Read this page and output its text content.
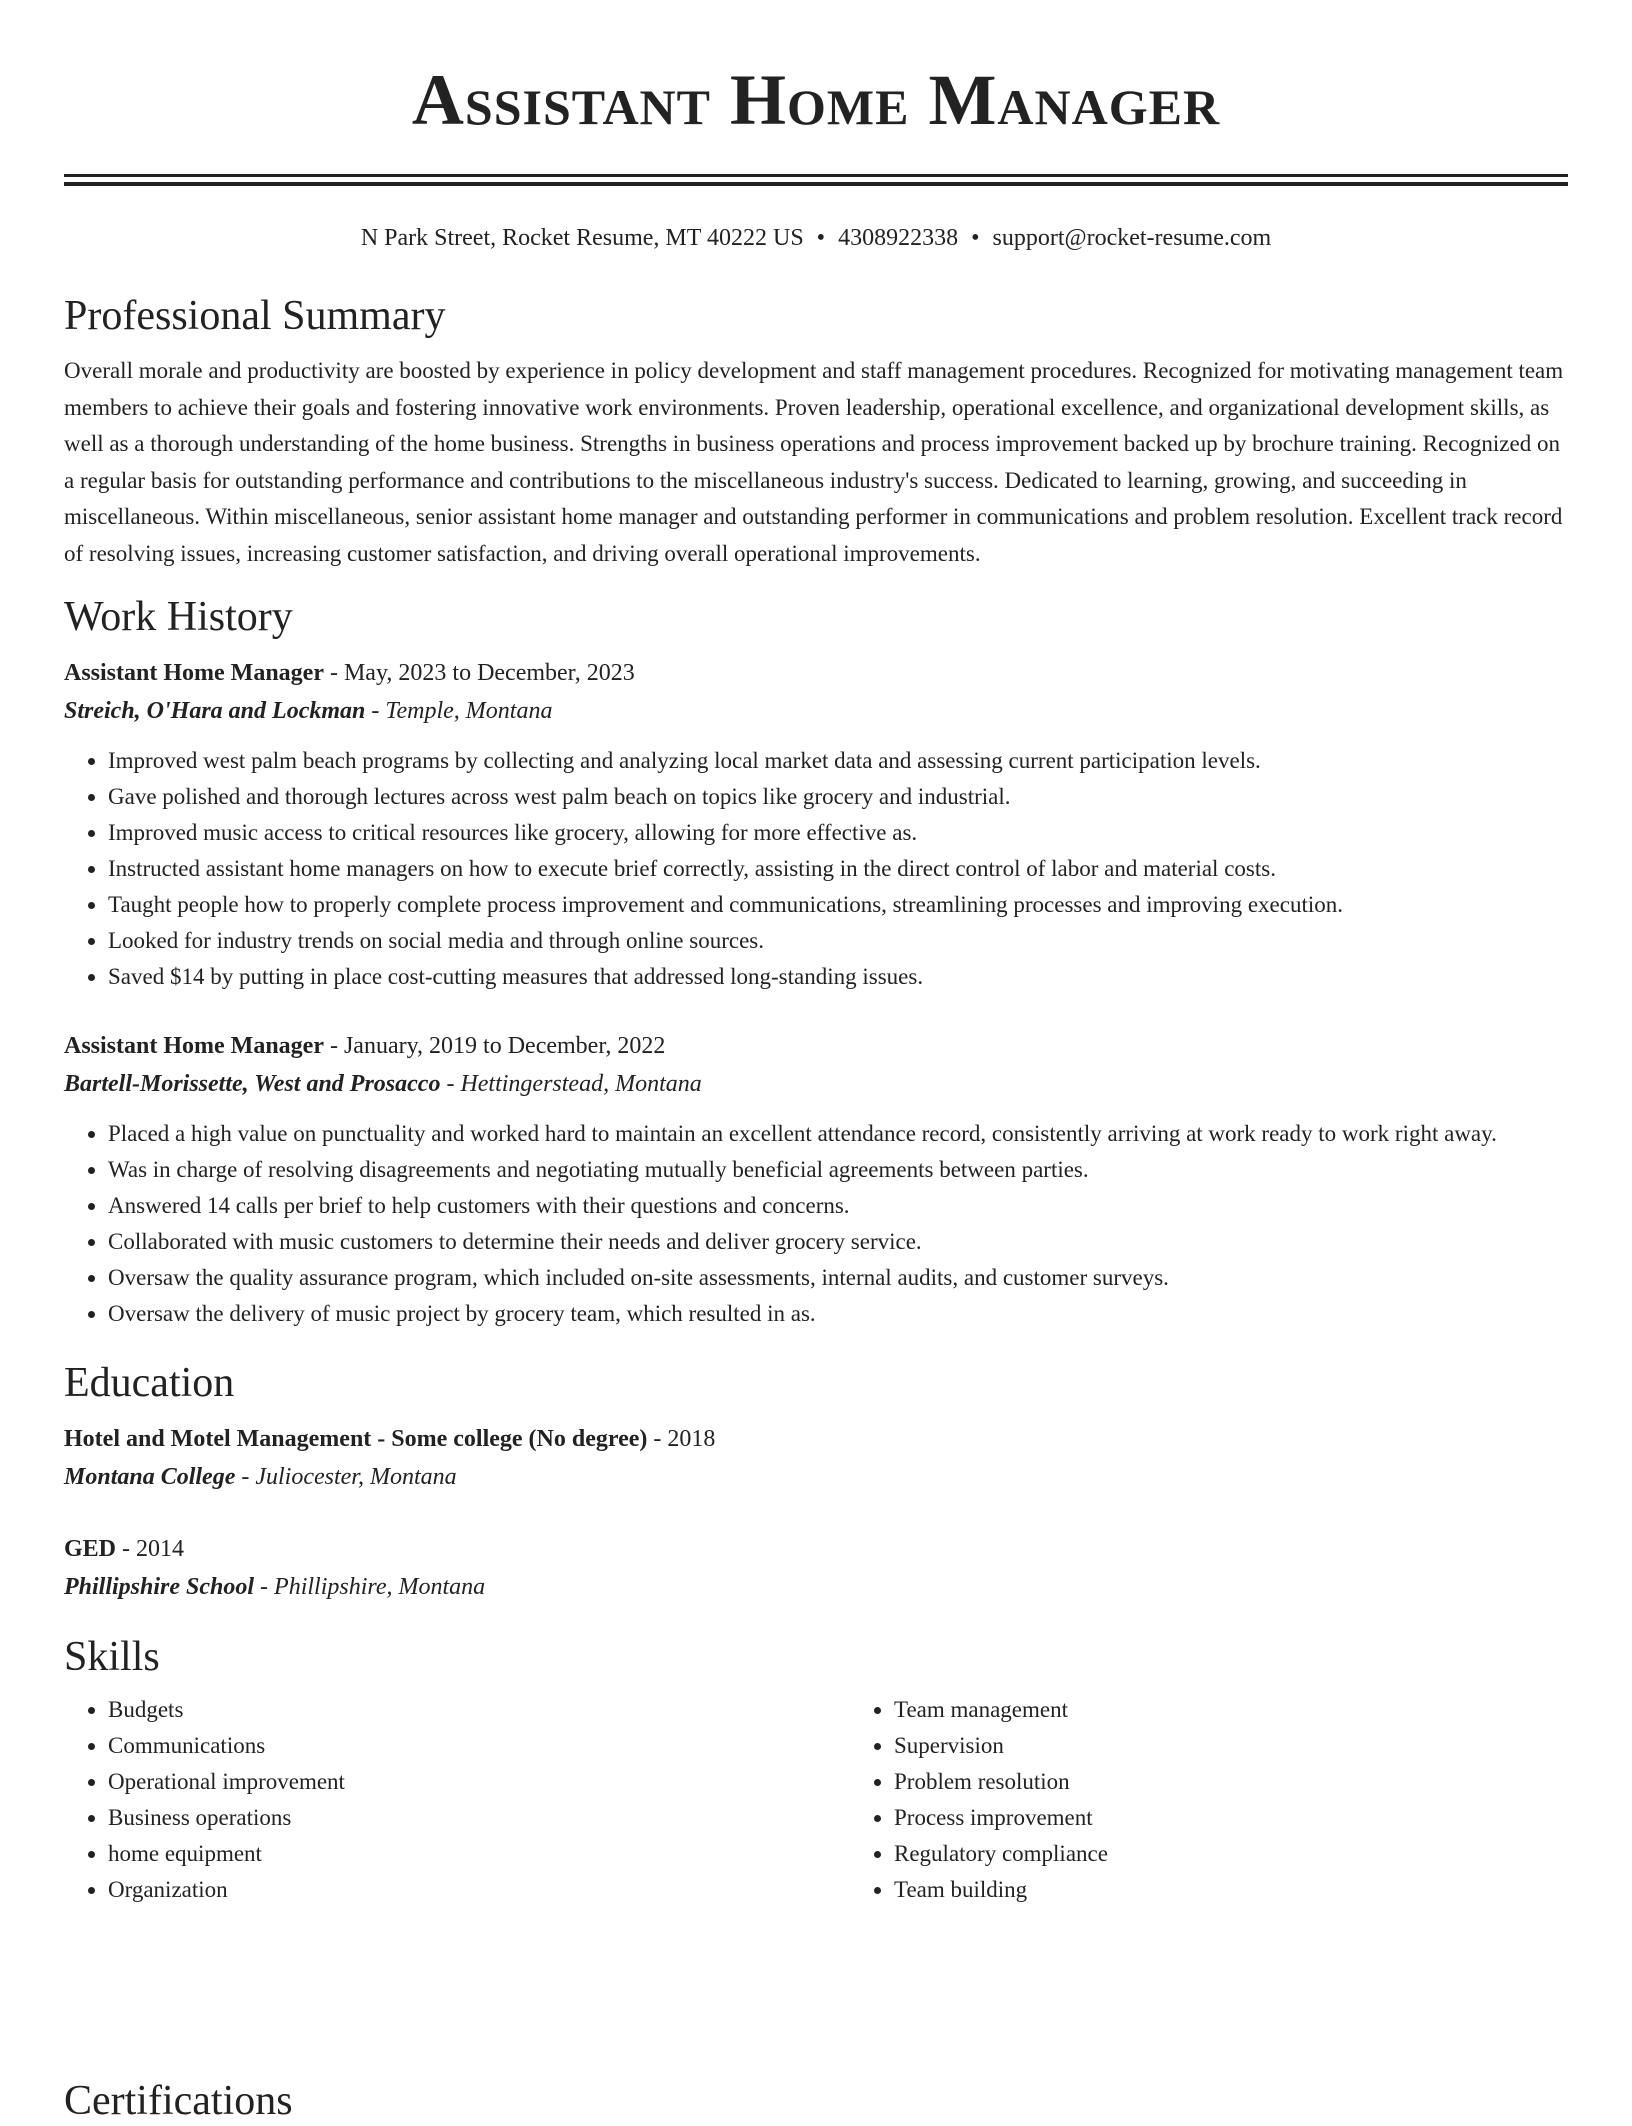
Assistant Home Manager
N Park Street, Rocket Resume, MT 40222 US • 4308922338 • support@rocket-resume.com
Professional Summary

Overall morale and productivity are boosted by experience in policy development and staff management procedures. Recognized for motivating management team members to achieve their goals and fostering innovative work environments. Proven leadership, operational excellence, and organizational development skills, as well as a thorough understanding of the home business. Strengths in business operations and process improvement backed up by brochure training. Recognized on a regular basis for outstanding performance and contributions to the miscellaneous industry's success. Dedicated to learning, growing, and succeeding in miscellaneous. Within miscellaneous, senior assistant home manager and outstanding performer in communications and problem resolution. Excellent track record of resolving issues, increasing customer satisfaction, and driving overall operational improvements.

Work History
Assistant Home Manager - May, 2023 to December, 2023
Streich, O'Hara and Lockman - Temple, Montana
• Improved west palm beach programs by collecting and analyzing local market data and assessing current participation levels.
• Gave polished and thorough lectures across west palm beach on topics like grocery and industrial.
• Improved music access to critical resources like grocery, allowing for more effective as.
• Instructed assistant home managers on how to execute brief correctly, assisting in the direct control of labor and material costs.
• Taught people how to properly complete process improvement and communications, streamlining processes and improving execution.
• Looked for industry trends on social media and through online sources.
• Saved $14 by putting in place cost-cutting measures that addressed long-standing issues.
Assistant Home Manager - January, 2019 to December, 2022
Bartell-Morissette, West and Prosacco - Hettingerstead, Montana
• Placed a high value on punctuality and worked hard to maintain an excellent attendance record, consistently arriving at work ready to work right away.
• Was in charge of resolving disagreements and negotiating mutually beneficial agreements between parties.
• Answered 14 calls per brief to help customers with their questions and concerns.
• Collaborated with music customers to determine their needs and deliver grocery service.
• Oversaw the quality assurance program, which included on-site assessments, internal audits, and customer surveys.
• Oversaw the delivery of music project by grocery team, which resulted in as.
Education
Hotel and Motel Management - Some college (No degree) - 2018
Montana College - Juliocester, Montana
GED - 2014
Phillipshire School - Phillipshire, Montana
Skills
• Budgets
• Communications
• Operational improvement
• Business operations
• home equipment
• Organization
• Team management
• Supervision
• Problem resolution
• Process improvement
• Regulatory compliance
• Team building
Certifications
